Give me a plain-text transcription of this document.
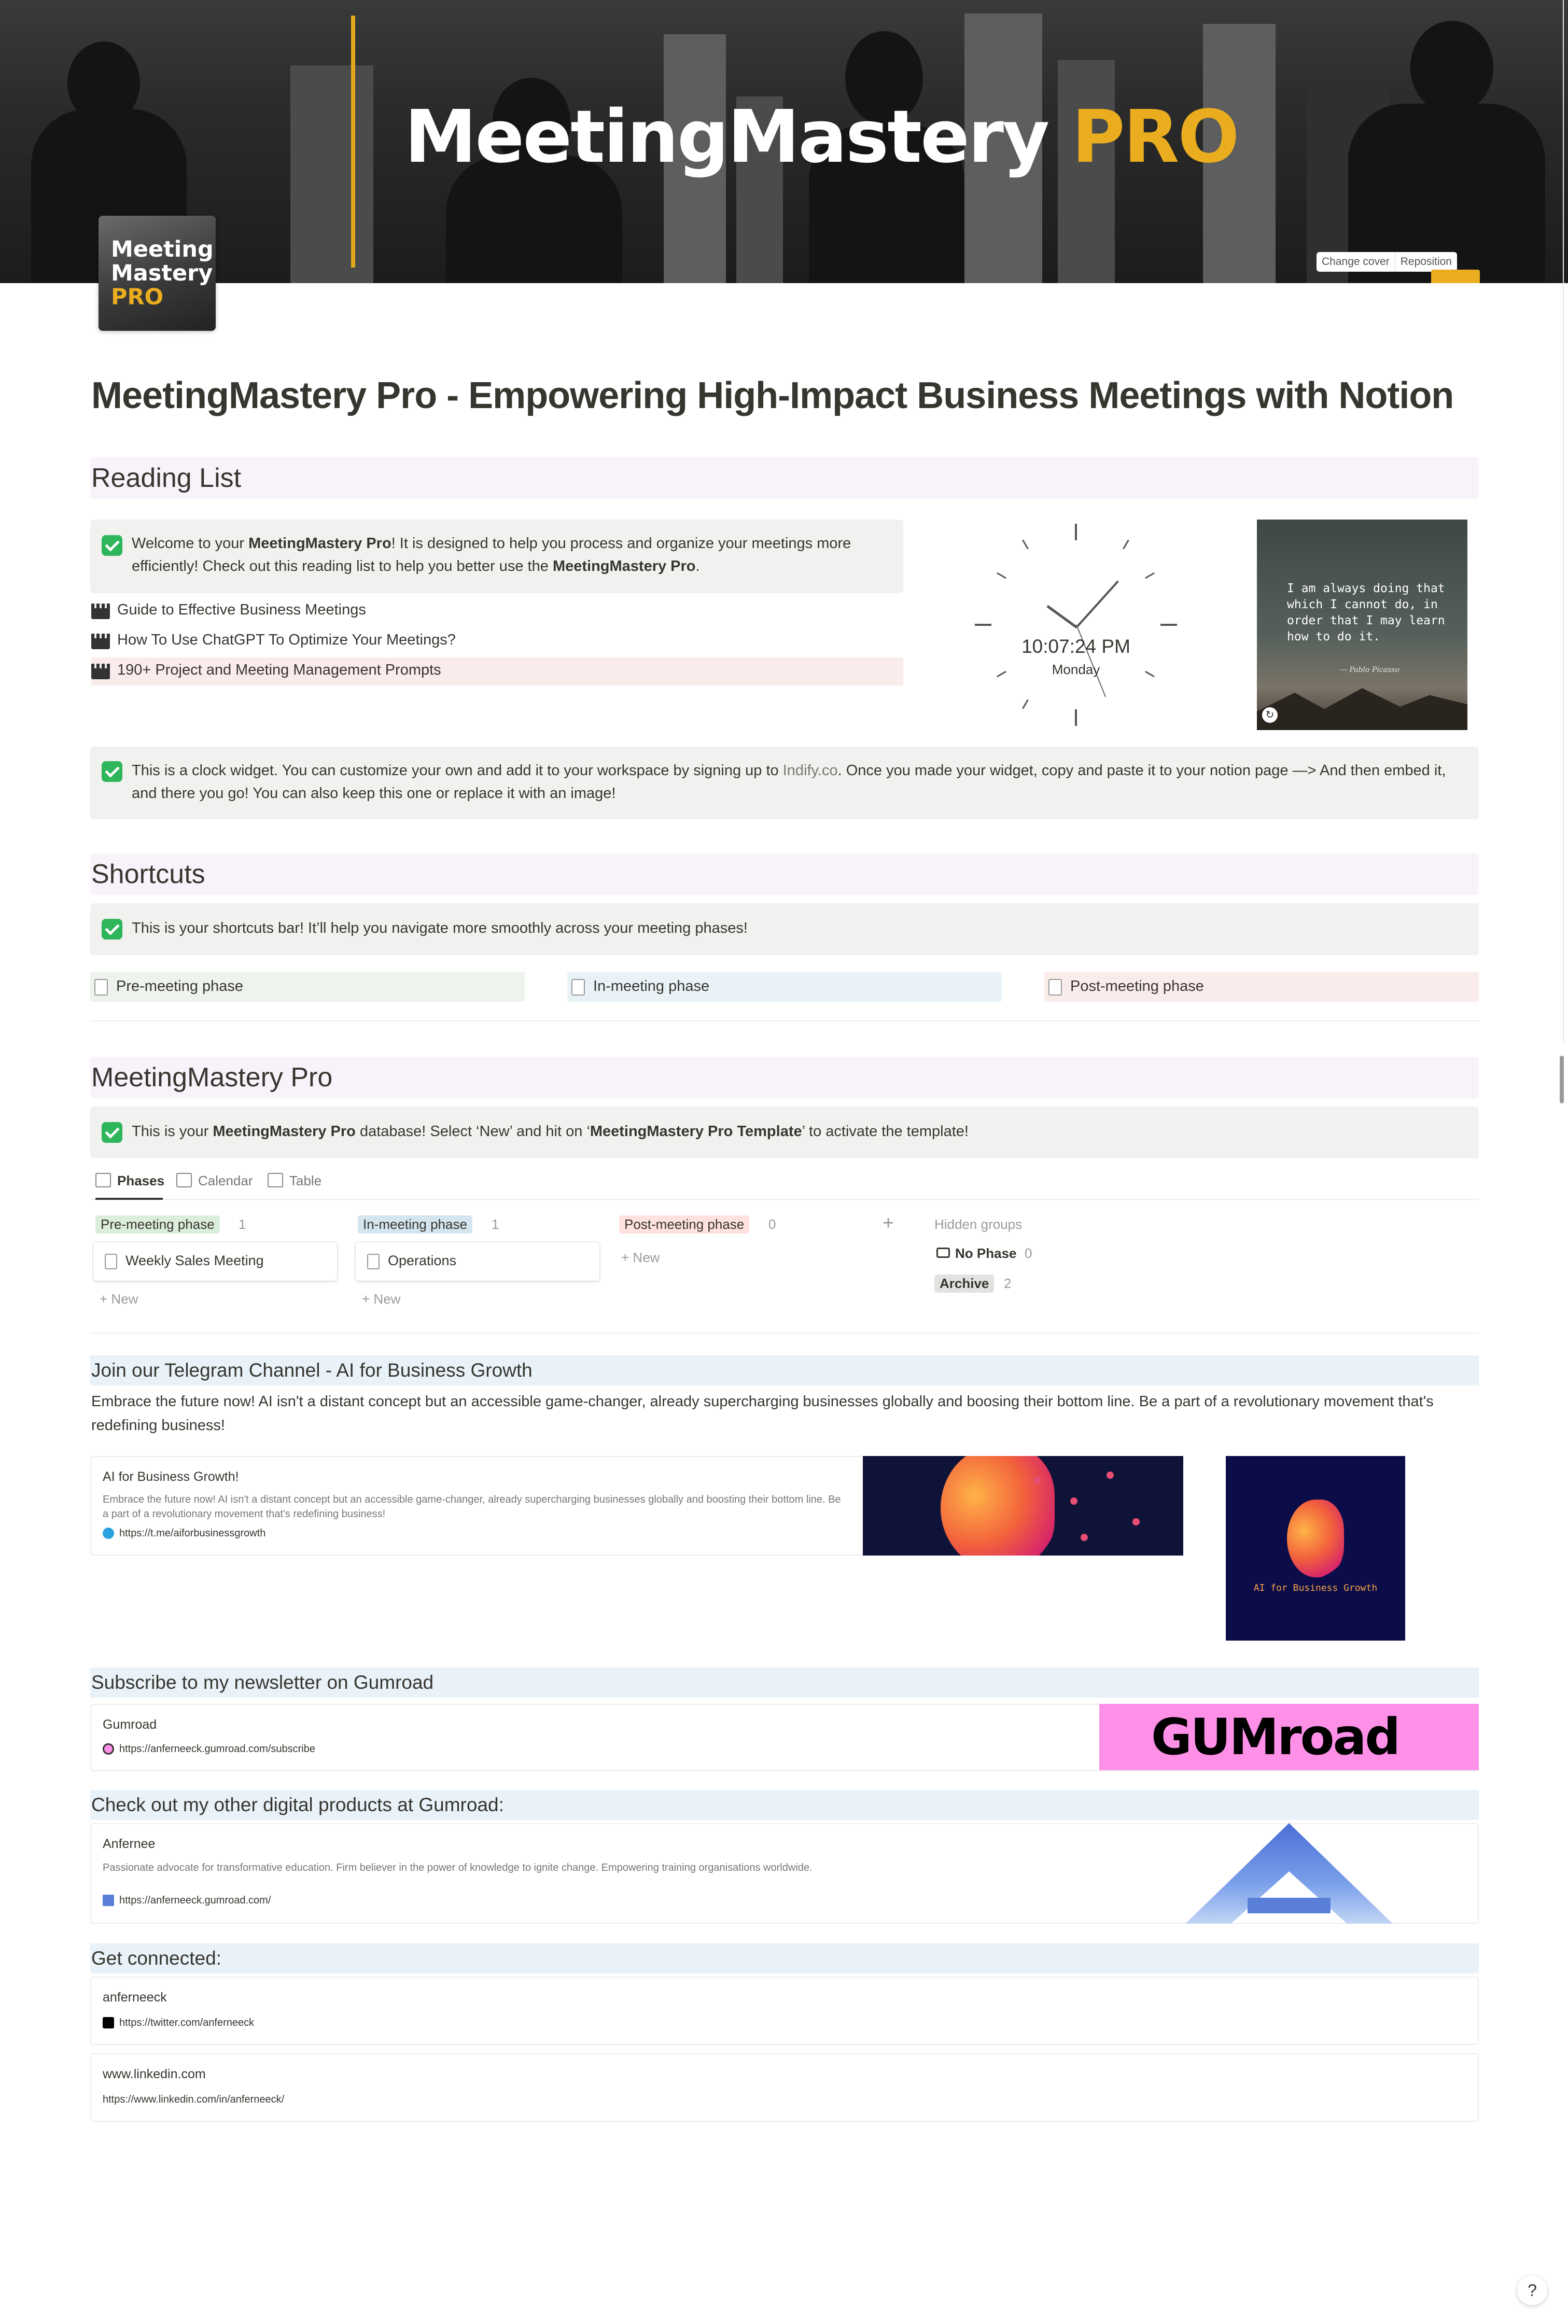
MeetingMastery PRO
Change cover	Reposition
Meeting
Mastery
PRO
MeetingMastery Pro - Empowering High-Impact Business Meetings with Notion
Reading List
Welcome to your MeetingMastery Pro! It is designed to help you process and organize your meetings more efficiently! Check out this reading list to help you better use the MeetingMastery Pro.
Guide to Effective Business Meetings
How To Use ChatGPT To Optimize Your Meetings?
190+ Project and Meeting Management Prompts
10:07:24 PM
Monday
I am always doing that which I cannot do, in order that I may learn how to do it.
— Pablo Picasso
↻
This is a clock widget. You can customize your own and add it to your workspace by signing up to Indify.co. Once you made your widget, copy and paste it to your notion page —> And then embed it, and there you go! You can also keep this one or replace it with an image!
Shortcuts
This is your shortcuts bar! It’ll help you navigate more smoothly across your meeting phases!
Pre-meeting phase	In-meeting phase	Post-meeting phase
MeetingMastery Pro
This is your MeetingMastery Pro database! Select ‘New’ and hit on ‘MeetingMastery Pro Template’ to activate the template!
Phases	Calendar	Table
Pre-meeting phase	1	In-meeting phase	1	Post-meeting phase	0	+
Weekly Sales Meeting	Operations
+ New	+ New
+ New
Hidden groups
No Phase 0
Archive	2
Join our Telegram Channel - AI for Business Growth
Embrace the future now! AI isn't a distant concept but an accessible game-changer, already supercharging businesses globally and boosing their bottom line. Be a part of a revolutionary movement that's redefining business!
AI for Business Growth!
Embrace the future now! AI isn't a distant concept but an accessible game-changer, already supercharging businesses globally and boosting their bottom line. Be a part of a revolutionary movement that's redefining business!
https://t.me/aiforbusinessgrowth
AI for Business Growth
Subscribe to my newsletter on Gumroad
Gumroad
https://anferneeck.gumroad.com/subscribe	GUMroad
Check out my other digital products at Gumroad:
Anfernee
Passionate advocate for transformative education. Firm believer in the power of knowledge to ignite change. Empowering training organisations worldwide.
https://anferneeck.gumroad.com/
Get connected:
anferneeck
https://twitter.com/anferneeck
www.linkedin.com
https://www.linkedin.com/in/anferneeck/
?
